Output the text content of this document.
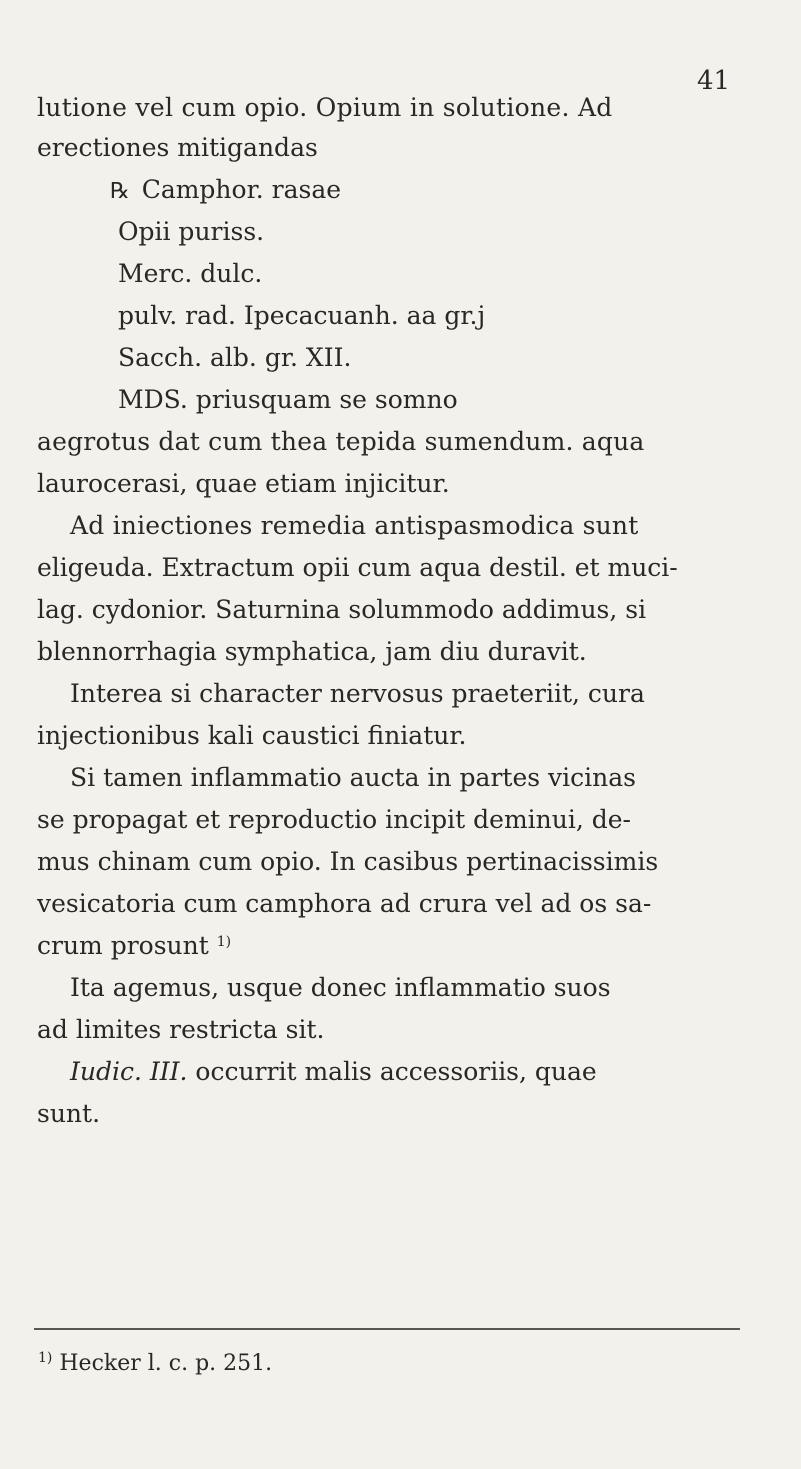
41
lutione vel cum opio. Opium in solutione. Ad
erectiones mitigandas
℞ Camphor. rasae
Opii puriss.
Merc. dulc.
pulv. rad. Ipecacuanh. aa gr.j
Sacch. alb. gr. XII.
MDS. priusquam se somno
aegrotus dat cum thea tepida sumendum. aqua
laurocerasi, quae etiam injicitur.
Ad iniectiones remedia antispasmodica sunt
eligeuda. Extractum opii cum aqua destil. et muci-
lag. cydonior. Saturnina solummodo addimus, si
blennorrhagia symphatica, jam diu duravit.
Interea si character nervosus praeteriit, cura
injectionibus kali caustici finiatur.
Si tamen inflammatio aucta in partes vicinas
se propagat et reproductio incipit deminui, de-
mus chinam cum opio. In casibus pertinacissimis
vesicatoria cum camphora ad crura vel ad os sa-
crum prosunt $^{1)}$
Ita agemus, usque donec inflammatio suos
ad limites restricta sit.
Iudic. III. occurrit malis accessoriis, quae
sunt.
$^{1)}$ Hecker l. c. p. 251.
